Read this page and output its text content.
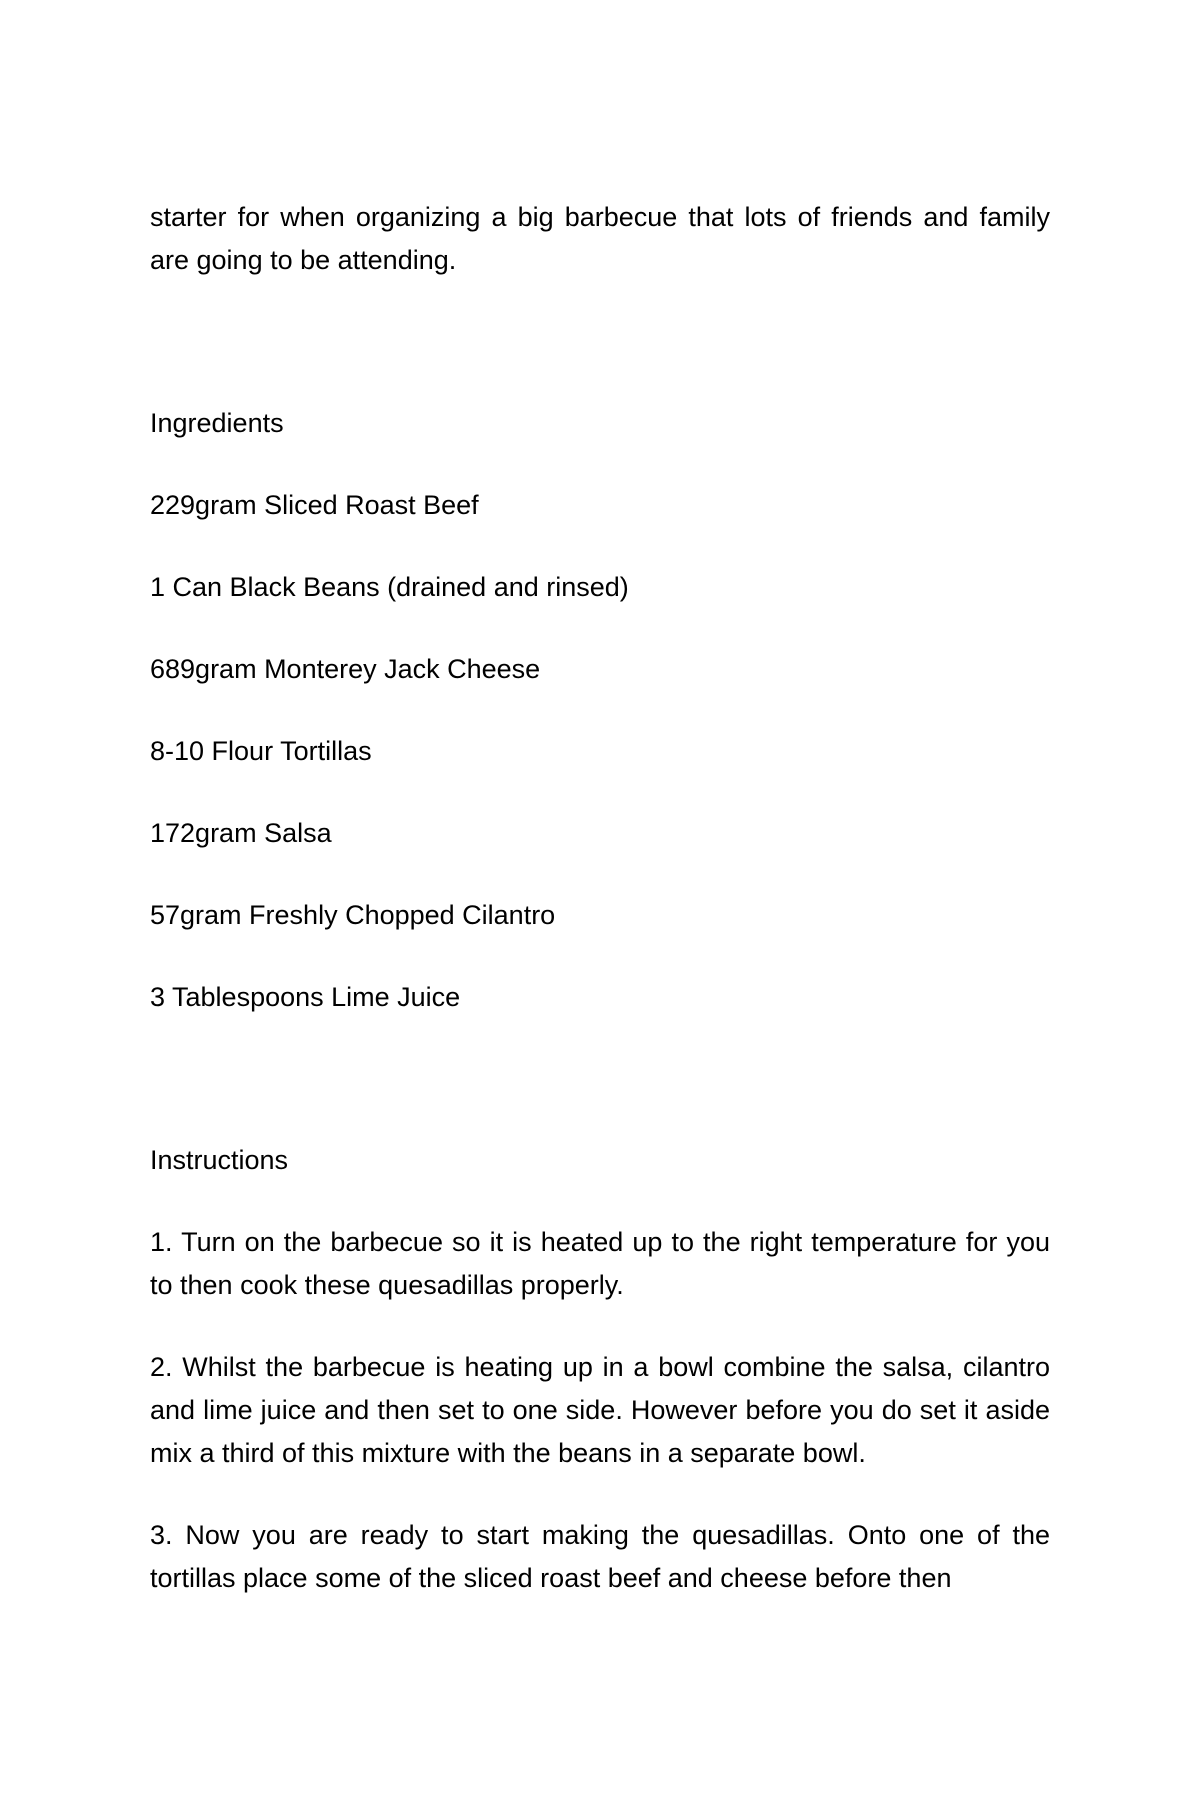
starter for when organizing a big barbecue that lots of friends and family are going to be attending.

Ingredients
229gram Sliced Roast Beef
1 Can Black Beans (drained and rinsed)
689gram Monterey Jack Cheese
8-10 Flour Tortillas
172gram Salsa
57gram Freshly Chopped Cilantro
3 Tablespoons Lime Juice
Instructions
1. Turn on the barbecue so it is heated up to the right temperature for you to then cook these quesadillas properly.
2. Whilst the barbecue is heating up in a bowl combine the salsa, cilantro and lime juice and then set to one side. However before you do set it aside mix a third of this mixture with the beans in a separate bowl.
3. Now you are ready to start making the quesadillas. Onto one of the tortillas place some of the sliced roast beef and cheese before then
